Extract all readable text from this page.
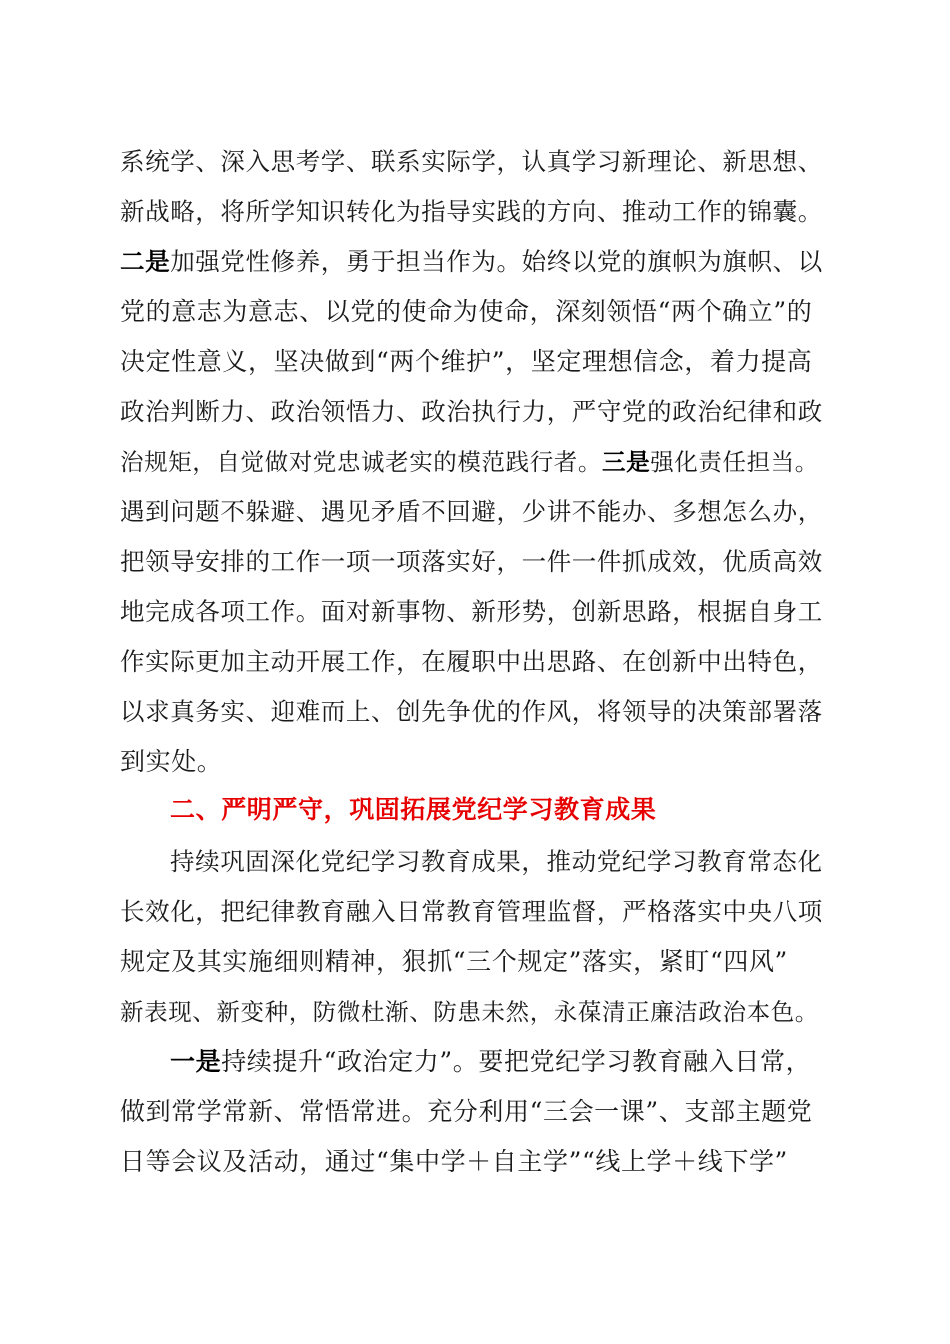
系统学、深入思考学、联系实际学，认真学习新理论、新思想、
新战略，将所学知识转化为指导实践的方向、推动工作的锦囊。
二是加强党性修养，勇于担当作为。始终以党的旗帜为旗帜、以
党的意志为意志、以党的使命为使命，深刻领悟“两个确立”的
决定性意义，坚决做到“两个维护”，坚定理想信念，着力提高
政治判断力、政治领悟力、政治执行力，严守党的政治纪律和政
治规矩，自觉做对党忠诚老实的模范践行者。三是强化责任担当。
遇到问题不躲避、遇见矛盾不回避，少讲不能办、多想怎么办，
把领导安排的工作一项一项落实好，一件一件抓成效，优质高效
地完成各项工作。面对新事物、新形势，创新思路，根据自身工
作实际更加主动开展工作，在履职中出思路、在创新中出特色，
以求真务实、迎难而上、创先争优的作风，将领导的决策部署落
到实处。
二、严明严守，巩固拓展党纪学习教育成果
持续巩固深化党纪学习教育成果，推动党纪学习教育常态化
长效化，把纪律教育融入日常教育管理监督，严格落实中央八项
规定及其实施细则精神，狠抓“三个规定”落实，紧盯“四风”
新表现、新变种，防微杜渐、防患未然，永葆清正廉洁政治本色。
一是持续提升“政治定力”。要把党纪学习教育融入日常，
做到常学常新、常悟常进。充分利用“三会一课”、支部主题党
日等会议及活动，通过“集中学＋自主学”“线上学＋线下学”
